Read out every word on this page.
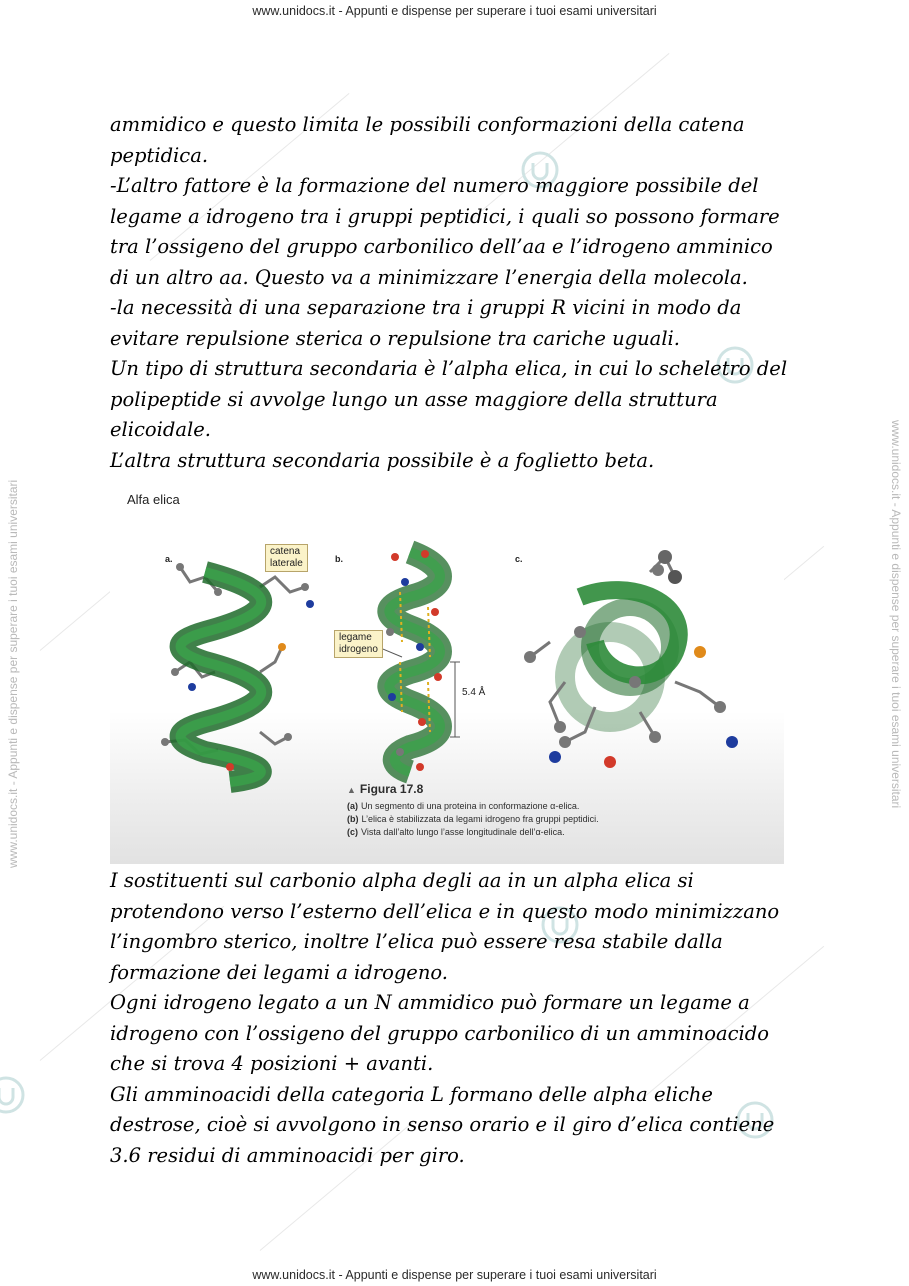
www.unidocs.it - Appunti e dispense per superare i tuoi esami universitari
www.unidocs.it - Appunti e dispense per superare i tuoi esami universitari
www.unidocs.it - Appunti e dispense per superare i tuoi esami universitari	www.unidocs.it - Appunti e dispense per superare i tuoi esami universitari

ammidico e questo limita le possibili conformazioni della catena

peptidica.

-L’altro fattore è la formazione del numero maggiore possibile del

legame a idrogeno tra i gruppi peptidici, i quali so possono formare

tra l’ossigeno del gruppo carbonilico dell’aa e l’idrogeno amminico

di un altro aa. Questo va a minimizzare l’energia della molecola.

-la necessità di una separazione tra i gruppi R vicini in modo da

evitare repulsione sterica o repulsione tra cariche uguali.

Un tipo di struttura secondaria è l’alpha elica, in cui lo scheletro del

polipeptide si avvolge lungo un asse maggiore della struttura

elicoidale.

L’altra struttura secondaria possibile è a foglietto beta.

Alfa elica
a.	b.	c.
catena
laterale
legame
idrogeno
5.4 Å
▲ Figura 17.8
(a) Un segmento di una proteina in conformazione α-elica.
(b) L’elica è stabilizzata da legami idrogeno fra gruppi peptidici.
(c) Vista dall’alto lungo l’asse longitudinale dell’α-elica.

I sostituenti sul carbonio alpha degli aa in un alpha elica si

protendono verso l’esterno dell’elica e in questo modo minimizzano

l’ingombro sterico, inoltre l’elica può essere resa stabile dalla

formazione dei legami a idrogeno.

Ogni idrogeno legato a un N ammidico può formare un legame a

idrogeno con l’ossigeno del gruppo carbonilico di un amminoacido

che si trova 4 posizioni + avanti.

Gli amminoacidi della categoria L formano delle alpha eliche

destrose, cioè si avvolgono in senso orario e il giro d’elica contiene

3.6 residui di amminoacidi per giro.
